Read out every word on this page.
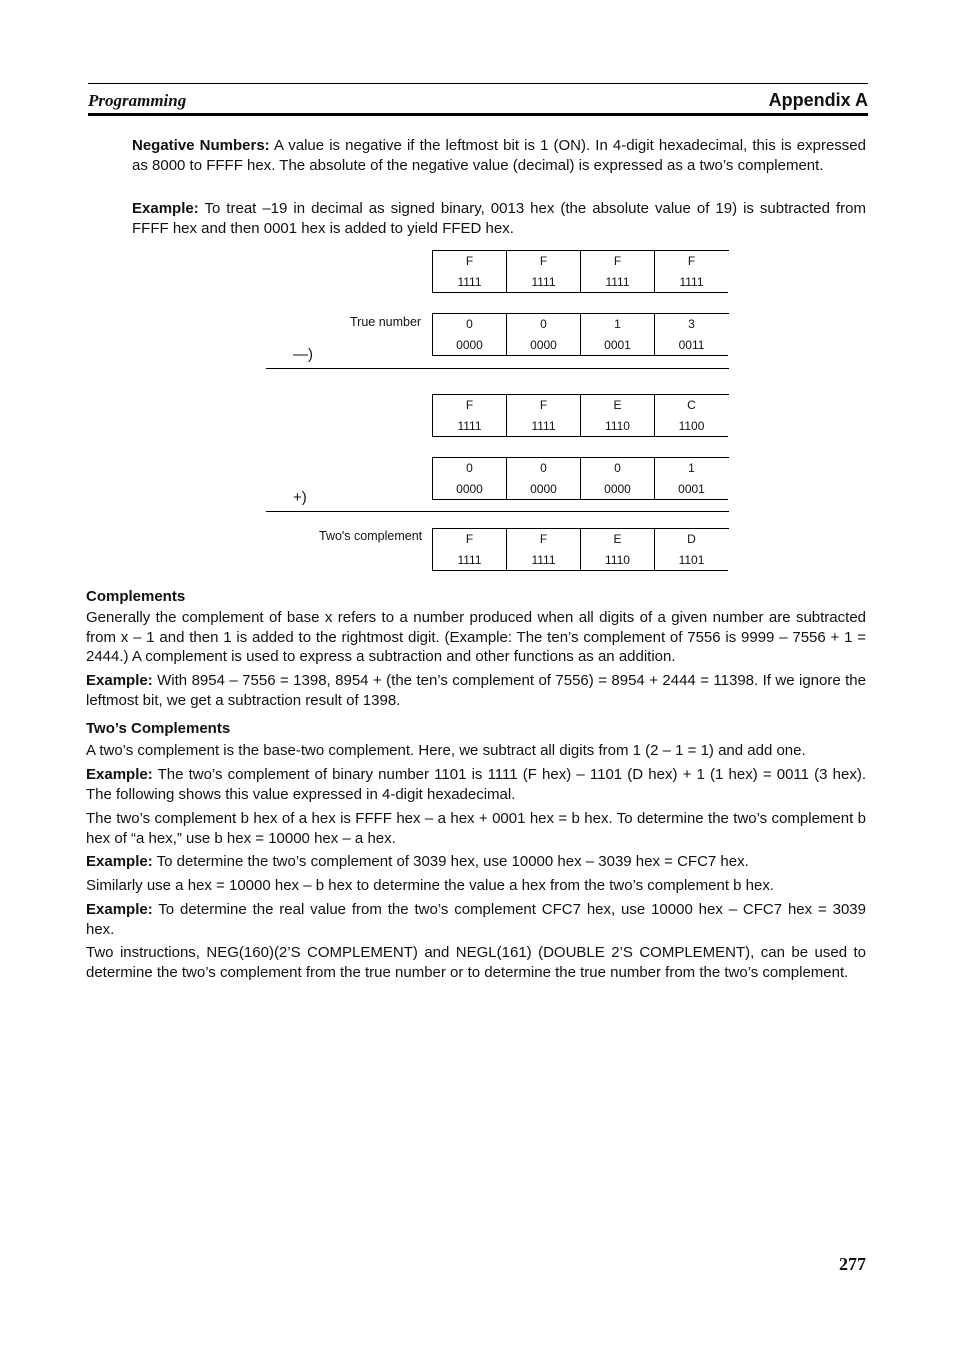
Programming	Appendix A
Negative Numbers: A value is negative if the leftmost bit is 1 (ON). In 4-digit hexadecimal, this is expressed as 8000 to FFFF hex. The absolute of the negative value (decimal) is expressed as a two’s complement.
Example: To treat –19 in decimal as signed binary, 0013 hex (the absolute value of 19) is subtracted from FFFF hex and then 0001 hex is added to yield FFED hex.
F	F	F	F
1111	1111	1111	1111
True number	0	0	1	3
0000	0000	0001	0011
—)
F	F	E	C
1111	1111	1110	1100
0	0	0	1
0000	0000	0000	0001
+)
Two's complement	F	F	E	D
1111	1111	1110	1101
Complements
Generally the complement of base x refers to a number produced when all digits of a given number are subtracted from x – 1 and then 1 is added to the rightmost digit. (Example: The ten’s complement of 7556 is 9999 – 7556 + 1 = 2444.) A complement is used to express a subtraction and other functions as an addition.
Example: With 8954 – 7556 = 1398, 8954 + (the ten’s complement of 7556) = 8954 + 2444 = 11398. If we ignore the leftmost bit, we get a subtraction result of 1398.
Two’s Complements
A two’s complement is the base-two complement. Here, we subtract all digits from 1 (2 – 1 = 1) and add one.
Example: The two’s complement of binary number 1101 is 1111 (F hex) – 1101 (D hex) + 1 (1 hex) = 0011 (3 hex). The following shows this value expressed in 4-digit hexadecimal.
The two’s complement b hex of a hex is FFFF hex – a hex + 0001 hex = b hex. To determine the two’s complement b hex of “a hex,” use b hex = 10000 hex – a hex.
Example: To determine the two’s complement of 3039 hex, use 10000 hex – 3039 hex = CFC7 hex.
Similarly use a hex = 10000 hex – b hex to determine the value a hex from the two’s complement b hex.
Example: To determine the real value from the two’s complement CFC7 hex, use 10000 hex – CFC7 hex = 3039 hex.
Two instructions, NEG(160)(2’S COMPLEMENT) and NEGL(161) (DOUBLE 2’S COMPLEMENT), can be used to determine the two’s complement from the true number or to determine the true number from the two’s complement.
277
